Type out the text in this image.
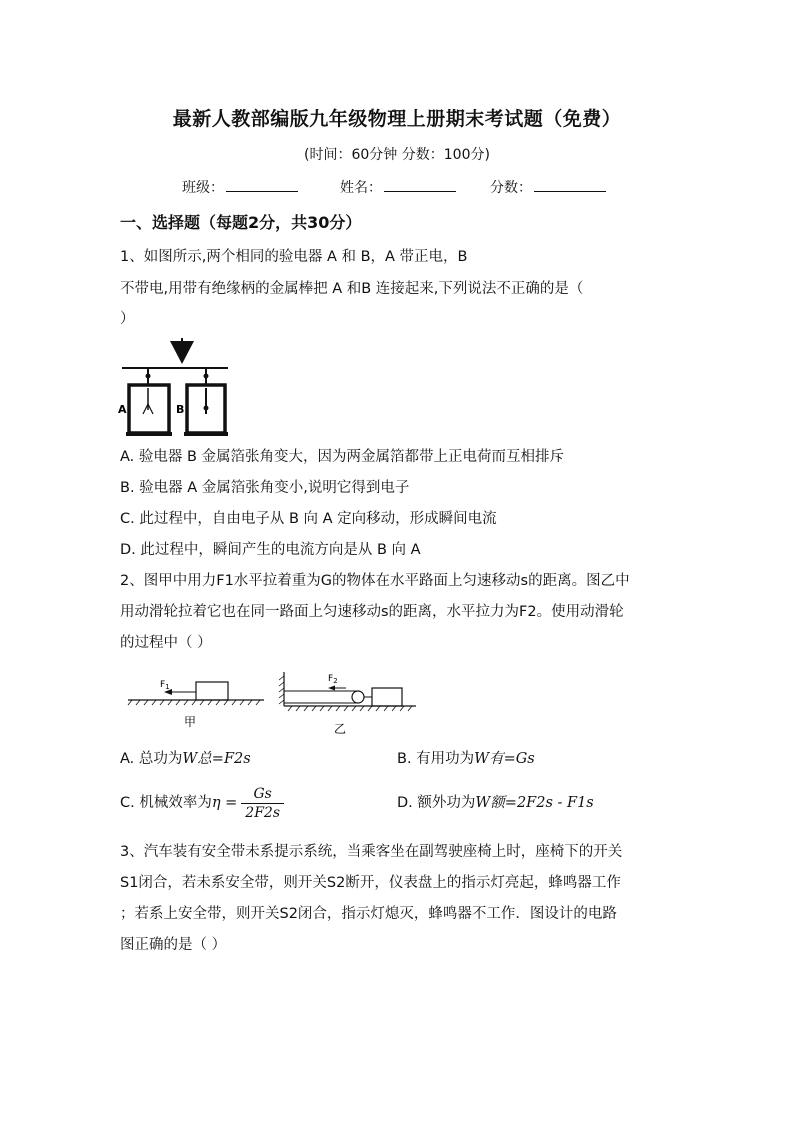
最新人教部编版九年级物理上册期末考试题（免费）
(时间：60分钟 分数：100分)
班级：	姓名：	分数：
一、选择题（每题2分，共30分）
1、如图所示,两个相同的验电器 A 和 B，A 带正电，B
不带电,用带有绝缘柄的金属棒把 A 和B 连接起来,下列说法不正确的是（
）
A	B
A. 验电器 B 金属箔张角变大，因为两金属箔都带上正电荷而互相排斥
B. 验电器 A 金属箔张角变小,说明它得到电子
C. 此过程中，自由电子从 B 向 A 定向移动，形成瞬间电流
D. 此过程中，瞬间产生的电流方向是从 B 向 A
2、图甲中用力F1水平拉着重为G的物体在水平路面上匀速移动s的距离。图乙中
用动滑轮拉着它也在同一路面上匀速移动s的距离，水平拉力为F2。使用动滑轮
的过程中（ ）
$F_1$
甲
$F_2$
乙
A. 总功为W总=F2s	B. 有用功为W有=Gs
C. 机械效率为$\eta = \frac{Gs}{2F2s}$	D. 额外功为W额=2F2s - F1s
3、汽车装有安全带未系提示系统，当乘客坐在副驾驶座椅上时，座椅下的开关
S1闭合，若未系安全带，则开关S2断开，仪表盘上的指示灯亮起，蜂鸣器工作
；若系上安全带，则开关S2闭合，指示灯熄灭，蜂鸣器不工作．图设计的电路
图正确的是（ ）
